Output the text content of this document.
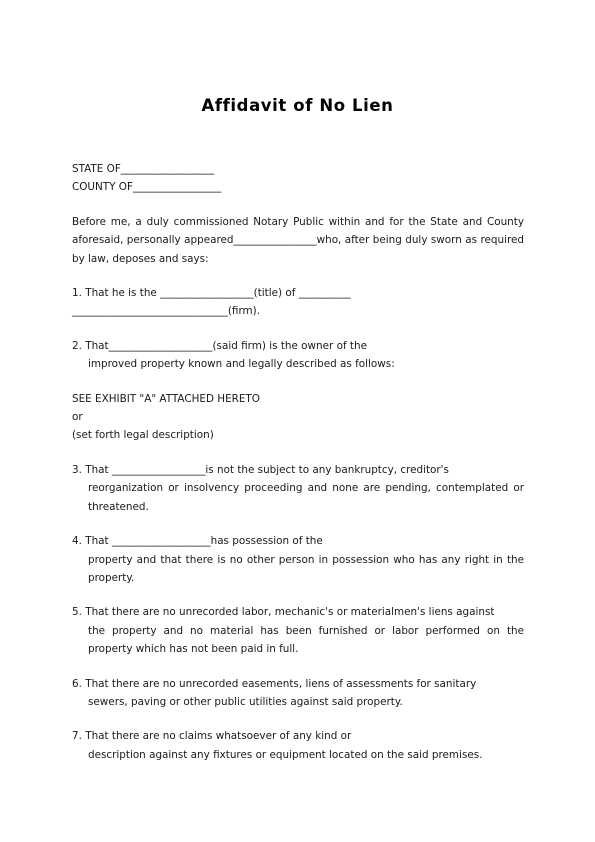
Affidavit of No Lien

STATE OF__________________

COUNTY OF_________________

Before me, a duly commissioned Notary Public within and for the State and County aforesaid, personally appeared________________who, after being duly sworn as required by law, deposes and says:

1. That he is the __________________(title) of __________

______________________________(firm).

2. That____________________(said firm) is the owner of the

improved property known and legally described as follows:

SEE EXHIBIT "A" ATTACHED HERETO

or

(set forth legal description)

3. That __________________is not the subject to any bankruptcy, creditor's

reorganization or insolvency proceeding and none are pending, contemplated or threatened.

4. That ___________________has possession of the

property and that there is no other person in possession who has any right in the property.

5. That there are no unrecorded labor, mechanic's or materialmen's liens against

the property and no material has been furnished or labor performed on the property which has not been paid in full.

6. That there are no unrecorded easements, liens of assessments for sanitary

sewers, paving or other public utilities against said property.

7. That there are no claims whatsoever of any kind or

description against any fixtures or equipment located on the said premises.
